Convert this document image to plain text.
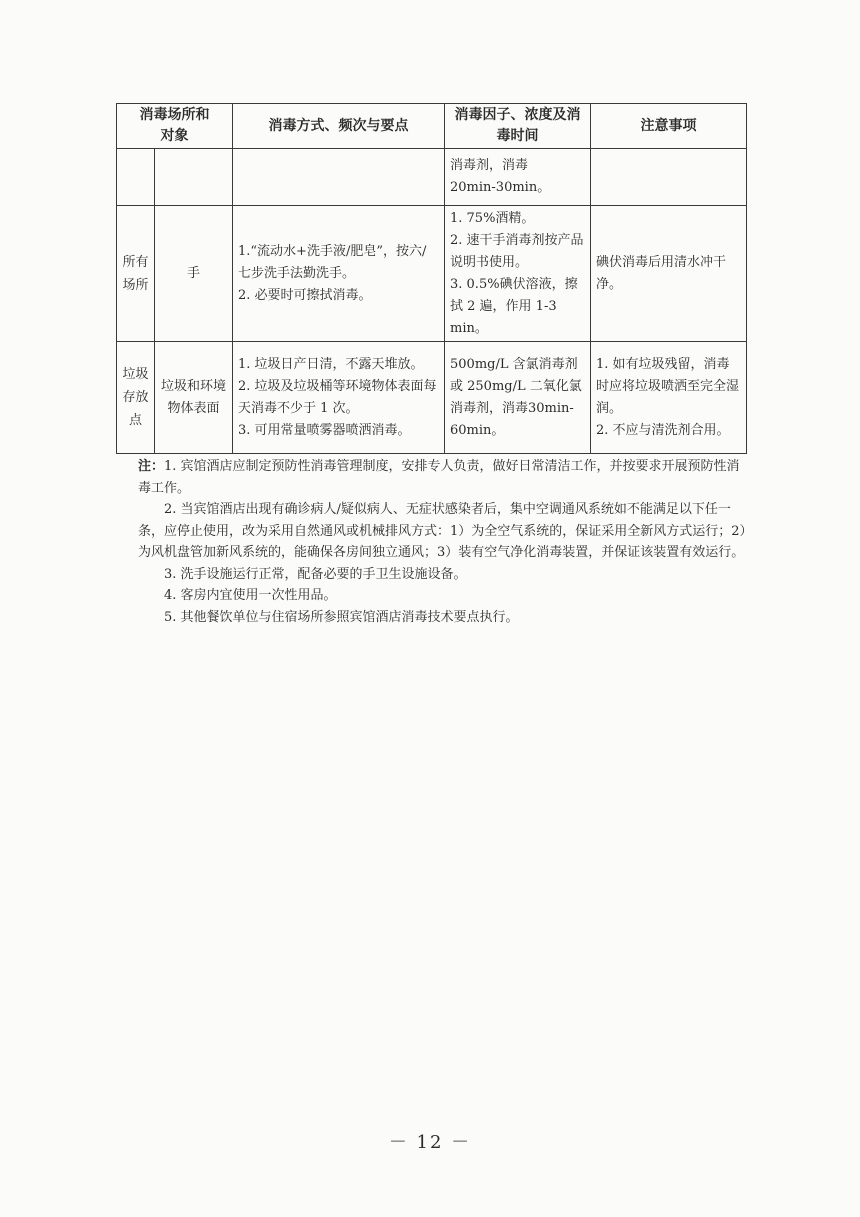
消毒场所和
对象		消毒方式、频次与要点	消毒因子、浓度及消
毒时间	注意事项

			消毒剂，消毒
20min-30min。	

所有场所	手	1.“流动水+洗手液/肥皂”，按六/七步洗手法勤洗手。
2. 必要时可擦拭消毒。	1. 75%酒精。
2. 速干手消毒剂按产品说明书使用。
3. 0.5%碘伏溶液，擦拭 2 遍，作用 1-3 min。	碘伏消毒后用清水冲干净。

垃圾存放点	垃圾和环境物体表面	1. 垃圾日产日清，不露天堆放。
2. 垃圾及垃圾桶等环境物体表面每天消毒不少于 1 次。
3. 可用常量喷雾器喷洒消毒。	500mg/L 含氯消毒剂或 250mg/L 二氧化氯消毒剂，消毒30min-60min。	1. 如有垃圾残留，消毒时应将垃圾喷洒至完全湿润。
2. 不应与清洗剂合用。

注：1. 宾馆酒店应制定预防性消毒管理制度，安排专人负责，做好日常清洁工作，并按要求开展预防性消毒工作。

2. 当宾馆酒店出现有确诊病人/疑似病人、无症状感染者后，集中空调通风系统如不能满足以下任一条，应停止使用，改为采用自然通风或机械排风方式：1）为全空气系统的，保证采用全新风方式运行；2）为风机盘管加新风系统的，能确保各房间独立通风；3）装有空气净化消毒装置，并保证该装置有效运行。

3. 洗手设施运行正常，配备必要的手卫生设施设备。

4. 客房内宜使用一次性用品。

5. 其他餐饮单位与住宿场所参照宾馆酒店消毒技术要点执行。

－ 12 －
